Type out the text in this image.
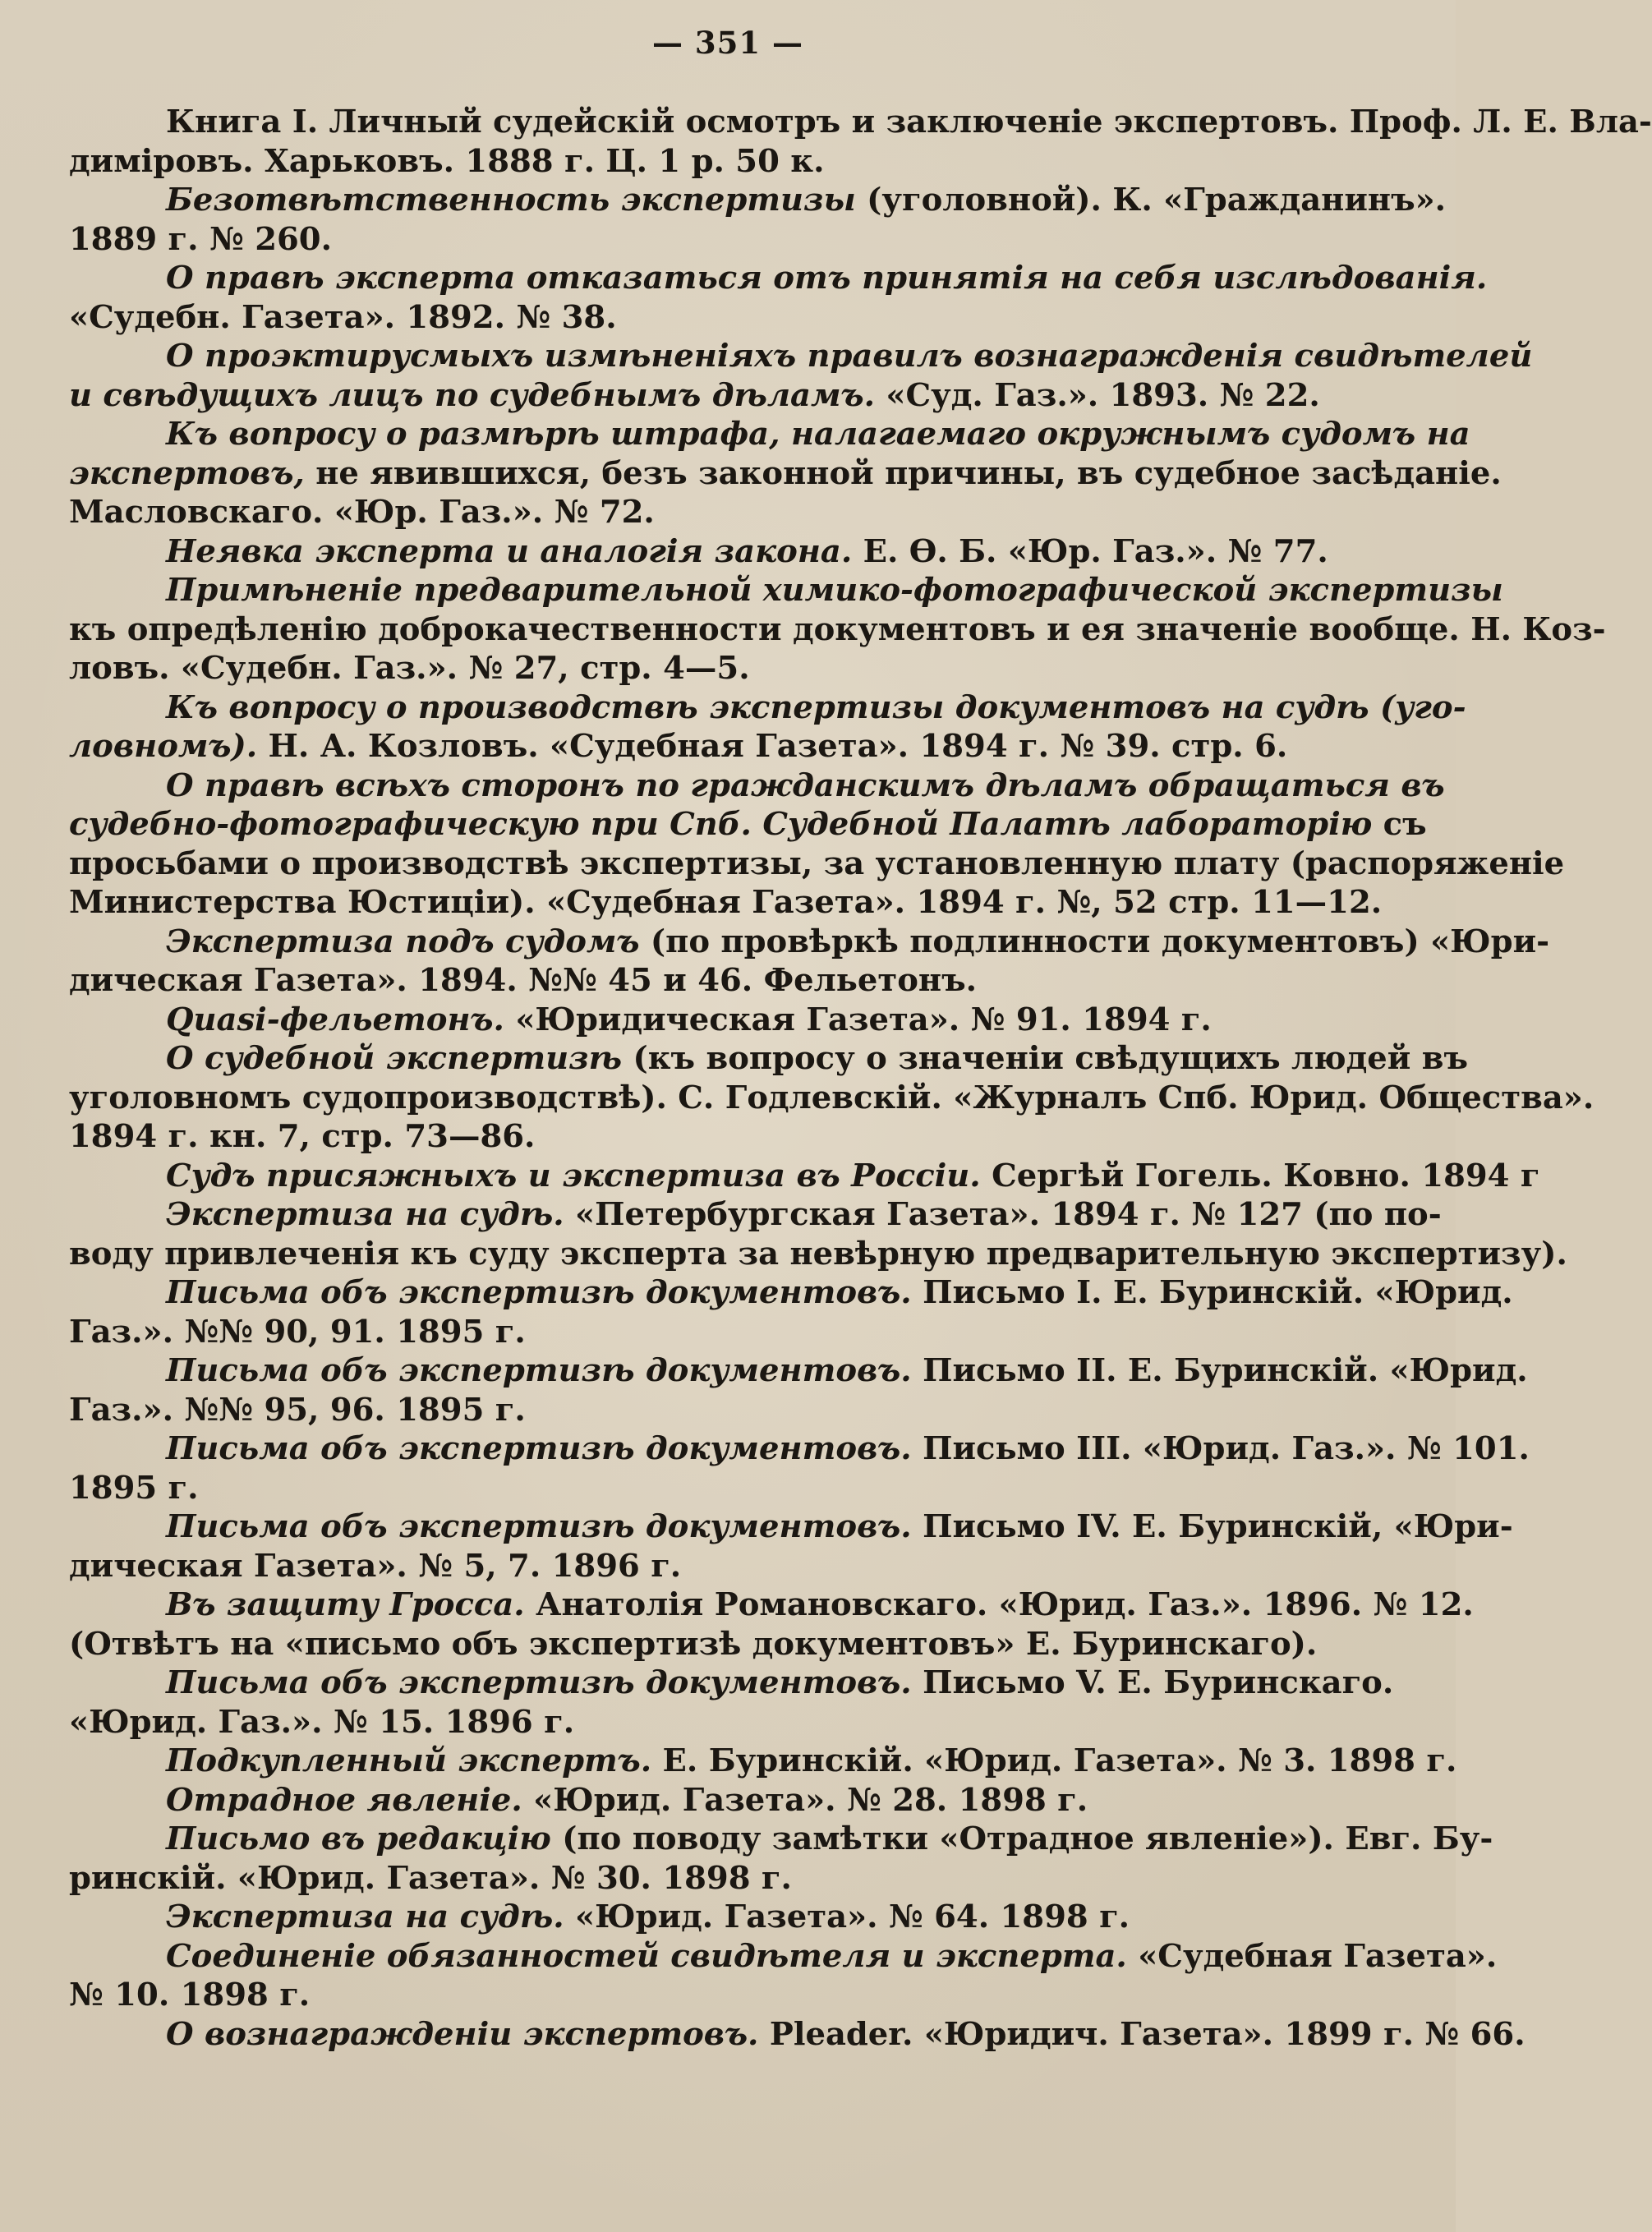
— 351 —

Книга I. Личный судейскій осмотръ и заключеніе экспертовъ. Проф. Л. Е. Вла-
диміровъ. Харьковъ. 1888 г. Ц. 1 р. 50 к.

Безотвѣтственность экспертизы (уголовной). К. «Гражданинъ».
1889 г. № 260.

О правѣ эксперта отказаться отъ принятія на себя изслѣдованія.
«Судебн. Газета». 1892. № 38.

О проэктирусмыхъ измѣненіяхъ правилъ вознагражденія свидѣтелей
и свѣдущихъ лицъ по судебнымъ дѣламъ. «Суд. Газ.». 1893. № 22.

Къ вопросу о размѣрѣ штрафа, налагаемаго окружнымъ судомъ на
экспертовъ, не явившихся, безъ законной причины, въ судебное засѣданіе.
Масловскаго. «Юр. Газ.». № 72.

Неявка эксперта и аналогія закона. Е. Ѳ. Б. «Юр. Газ.». № 77.

Примѣненіе предварительной химико-фотографической экспертизы
къ опредѣленію доброкачественности документовъ и ея значеніе вообще. Н. Коз-
ловъ. «Судебн. Газ.». № 27, стр. 4—5.

Къ вопросу о производствѣ экспертизы документовъ на судѣ (уго-
ловномъ). Н. А. Козловъ. «Судебная Газета». 1894 г. № 39. стр. 6.

О правѣ всѣхъ сторонъ по гражданскимъ дѣламъ обращаться въ
судебно-фотографическую при Спб. Судебной Палатѣ лабораторію съ
просьбами о производствѣ экспертизы, за установленную плату (распоряженіе
Министерства Юстиціи). «Судебная Газета». 1894 г. №, 52 стр. 11—12.

Экспертиза подъ судомъ (по провѣркѣ подлинности документовъ) «Юри-
дическая Газета». 1894. №№ 45 и 46. Фельетонъ.

Quasi-фельетонъ. «Юридическая Газета». № 91. 1894 г.

О судебной экспертизѣ (къ вопросу о значеніи свѣдущихъ людей въ
уголовномъ судопроизводствѣ). С. Годлевскій. «Журналъ Спб. Юрид. Общества».
1894 г. кн. 7, стр. 73—86.

Судъ присяжныхъ и экспертиза въ Россіи. Сергѣй Гогель. Ковно. 1894 г

Экспертиза на судѣ. «Петербургская Газета». 1894 г. № 127 (по по-
воду привлеченія къ суду эксперта за невѣрную предварительную экспертизу).

Письма объ экспертизѣ документовъ. Письмо I. Е. Буринскій. «Юрид.
Газ.». №№ 90, 91. 1895 г.

Письма объ экспертизѣ документовъ. Письмо II. Е. Буринскій. «Юрид.
Газ.». №№ 95, 96. 1895 г.

Письма объ экспертизѣ документовъ. Письмо III. «Юрид. Газ.». № 101.
1895 г.

Письма объ экспертизѣ документовъ. Письмо IV. Е. Буринскій, «Юри-
дическая Газета». № 5, 7. 1896 г.

Въ защиту Гросса. Анатолія Романовскаго. «Юрид. Газ.». 1896. № 12.
(Отвѣтъ на «письмо объ экспертизѣ документовъ» Е. Буринскаго).

Письма объ экспертизѣ документовъ. Письмо V. Е. Буринскаго.
«Юрид. Газ.». № 15. 1896 г.

Подкупленный экспертъ. Е. Буринскій. «Юрид. Газета». № 3. 1898 г.

Отрадное явленіе. «Юрид. Газета». № 28. 1898 г.

Письмо въ редакцію (по поводу замѣтки «Отрадное явленіе»). Евг. Бу-
ринскій. «Юрид. Газета». № 30. 1898 г.

Экспертиза на судѣ. «Юрид. Газета». № 64. 1898 г.

Соединеніе обязанностей свидѣтеля и эксперта. «Судебная Газета».
№ 10. 1898 г.

О вознагражденіи экспертовъ. Pleader. «Юридич. Газета». 1899 г. № 66.
